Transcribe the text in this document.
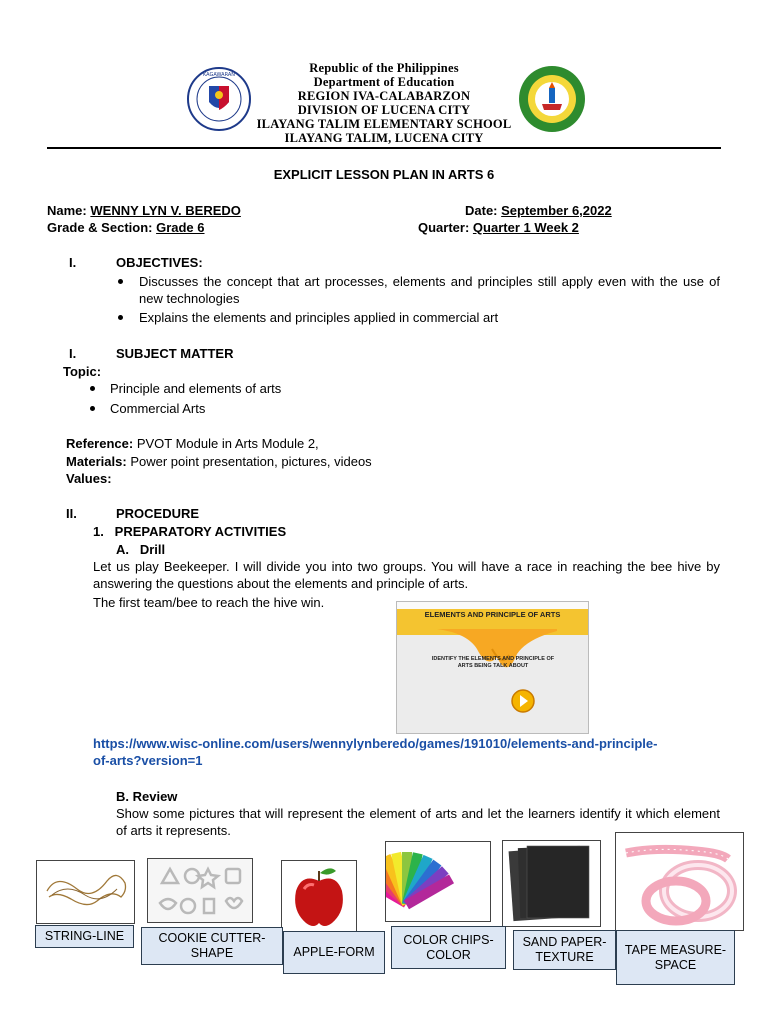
KAGAWARAN	Republic of the Philippines
Department of Education
REGION IVA-CALABARZON
DIVISION OF LUCENA CITY
ILAYANG TALIM ELEMENTARY SCHOOL
ILAYANG TALIM, LUCENA CITY
EXPLICIT LESSON PLAN IN ARTS 6
Name: WENNY LYN V. BEREDO	Date: September 6,2022
Grade & Section: Grade 6	Quarter: Quarter 1 Week 2
I.	OBJECTIVES:
Discusses the concept that art processes, elements and principles still apply even with the use of new technologies
Explains the elements and principles applied in commercial art
I.	SUBJECT MATTER
Topic:
Principle and elements of arts
Commercial Arts
Reference: PVOT Module in Arts Module 2,
Materials: Power point presentation, pictures, videos
Values:
II.	PROCEDURE
1.   PREPARATORY ACTIVITIES
A.   Drill
Let us play Beekeeper. I will divide you into two groups. You will have a race in reaching the bee hive by answering the questions about the elements and principle of arts.
The first team/bee to reach the hive win.
ELEMENTS AND PRINCIPLE OF ARTS
IDENTIFY THE ELEMENTS AND PRINCIPLE OF ARTS BEING TALK ABOUT
https://www.wisc-online.com/users/wennylynberedo/games/191010/elements-and-principle-
of-arts?version=1
B. Review
Show some pictures that will represent the element of arts and let the learners identify it which element of arts it represents.
STRING-LINE	COOKIE CUTTER-SHAPE	APPLE-FORM
COLOR CHIPS-COLOR
SAND PAPER-TEXTURE
TAPE MEASURE-SPACE
